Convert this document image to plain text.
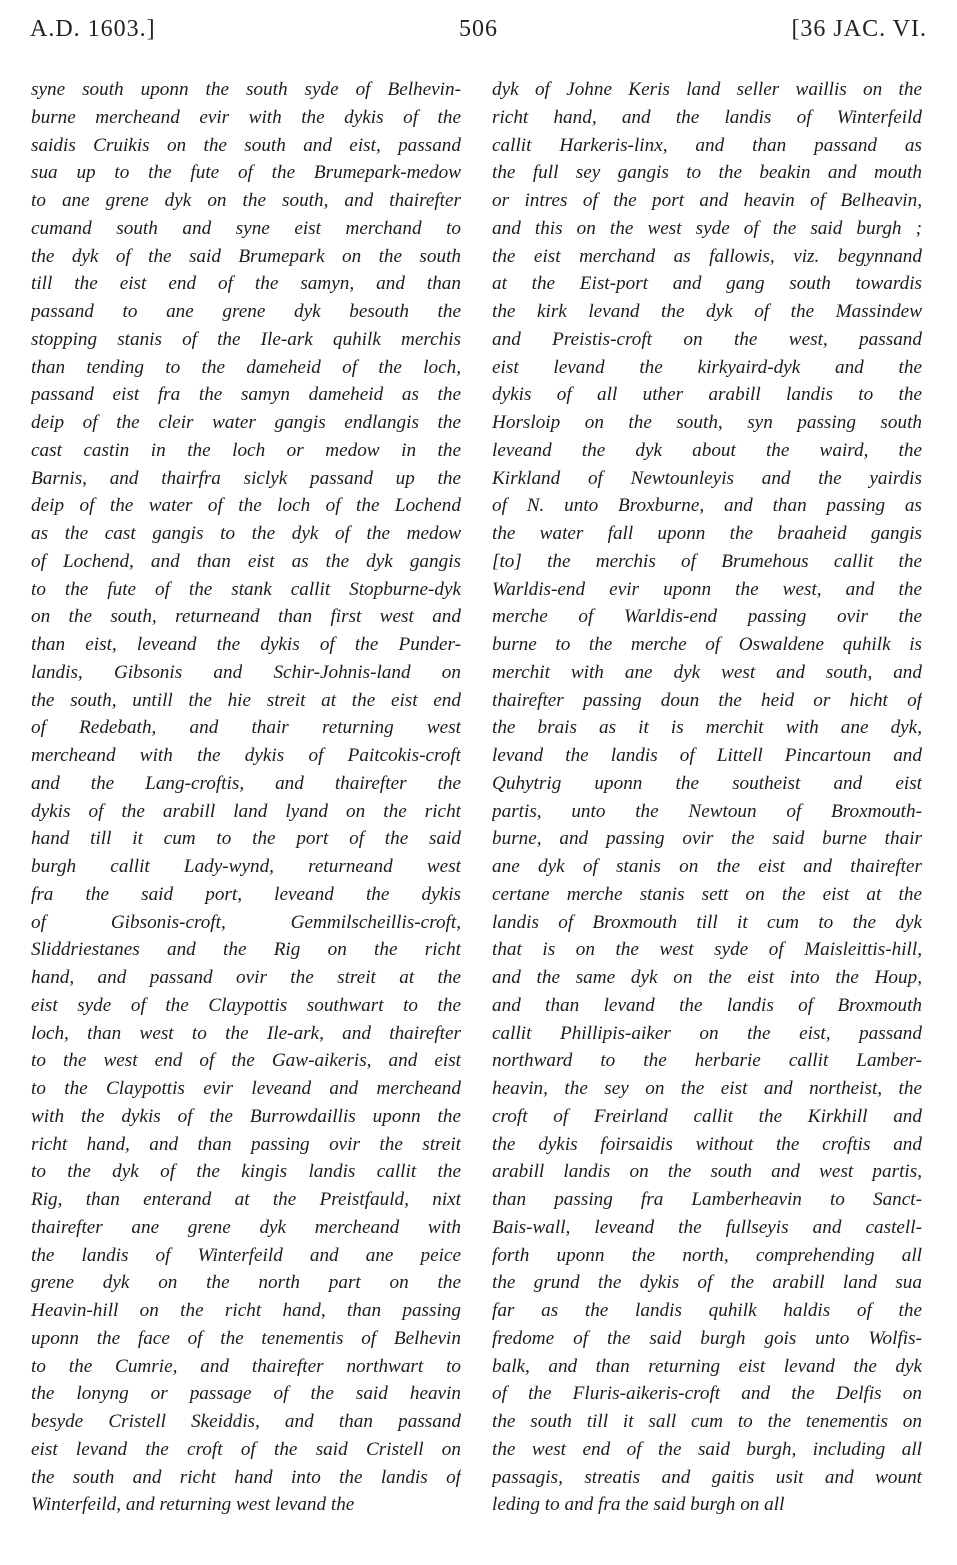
A.D. 1603.]	506	[36 JAC. VI.
syne south uponn the south syde of Belhevin-
burne mercheand evir with the dykis of the
saidis Cruikis on the south and eist, passand
sua up to the fute of the Brumepark-medow
to ane grene dyk on the south, and thairefter
cumand south and syne eist merchand to
the dyk of the said Brumepark on the south
till the eist end of the samyn, and than
passand to ane grene dyk besouth the
stopping stanis of the Ile-ark quhilk merchis
than tending to the dameheid of the loch,
passand eist fra the samyn dameheid as the
deip of the cleir water gangis endlangis the
cast castin in the loch or medow in the
Barnis, and thairfra siclyk passand up the
deip of the water of the loch of the Lochend
as the cast gangis to the dyk of the medow
of Lochend, and than eist as the dyk gangis
to the fute of the stank callit Stopburne-dyk
on the south, returneand than first west and
than eist, leveand the dykis of the Punder-
landis, Gibsonis and Schir-Johnis-land on
the south, untill the hie streit at the eist end
of Redebath, and thair returning west
mercheand with the dykis of Paitcokis-croft
and the Lang-croftis, and thairefter the
dykis of the arabill land lyand on the richt
hand till it cum to the port of the said
burgh callit Lady-wynd, returneand west
fra the said port, leveand the dykis
of Gibsonis-croft, Gemmilscheillis-croft,
Sliddriestanes and the Rig on the richt
hand, and passand ovir the streit at the
eist syde of the Claypottis southwart to the
loch, than west to the Ile-ark, and thairefter
to the west end of the Gaw-aikeris, and eist
to the Claypottis evir leveand and mercheand
with the dykis of the Burrowdaillis uponn the
richt hand, and than passing ovir the streit
to the dyk of the kingis landis callit the
Rig, than enterand at the Preistfauld, nixt
thairefter ane grene dyk mercheand with
the landis of Winterfeild and ane peice
grene dyk on the north part on the
Heavin-hill on the richt hand, than passing
uponn the face of the tenementis of Belhevin
to the Cumrie, and thairefter northwart to
the lonyng or passage of the said heavin
besyde Cristell Skeiddis, and than passand
eist levand the croft of the said Cristell on
the south and richt hand into the landis of
Winterfeild, and returning west levand the
dyk of Johne Keris land seller waillis on the
richt hand, and the landis of Winterfeild
callit Harkeris-linx, and than passand as
the full sey gangis to the beakin and mouth
or intres of the port and heavin of Belheavin,
and this on the west syde of the said burgh ;
the eist merchand as fallowis, viz. begynnand
at the Eist-port and gang south towardis
the kirk levand the dyk of the Massindew
and Preistis-croft on the west, passand
eist levand the kirkyaird-dyk and the
dykis of all uther arabill landis to the
Horsloip on the south, syn passing south
leveand the dyk about the waird, the
Kirkland of Newtounleyis and the yairdis
of N. unto Broxburne, and than passing as
the water fall uponn the braaheid gangis
[to] the merchis of Brumehous callit the
Warldis-end evir uponn the west, and the
merche of Warldis-end passing ovir the
burne to the merche of Oswaldene quhilk is
merchit with ane dyk west and south, and
thairefter passing doun the heid or hicht of
the brais as it is merchit with ane dyk,
levand the landis of Littell Pincartoun and
Quhytrig uponn the southeist and eist
partis, unto the Newtoun of Broxmouth-
burne, and passing ovir the said burne thair
ane dyk of stanis on the eist and thairefter
certane merche stanis sett on the eist at the
landis of Broxmouth till it cum to the dyk
that is on the west syde of Maisleittis-hill,
and the same dyk on the eist into the Houp,
and than levand the landis of Broxmouth
callit Phillipis-aiker on the eist, passand
northward to the herbarie callit Lamber-
heavin, the sey on the eist and northeist, the
croft of Freirland callit the Kirkhill and
the dykis foirsaidis without the croftis and
arabill landis on the south and west partis,
than passing fra Lamberheavin to Sanct-
Bais-wall, leveand the fullseyis and castell-
forth uponn the north, comprehending all
the grund the dykis of the arabill land sua
far as the landis quhilk haldis of the
fredome of the said burgh gois unto Wolfis-
balk, and than returning eist levand the dyk
of the Fluris-aikeris-croft and the Delfis on
the south till it sall cum to the tenementis on
the west end of the said burgh, including all
passagis, streatis and gaitis usit and wount
leding to and fra the said burgh on all
